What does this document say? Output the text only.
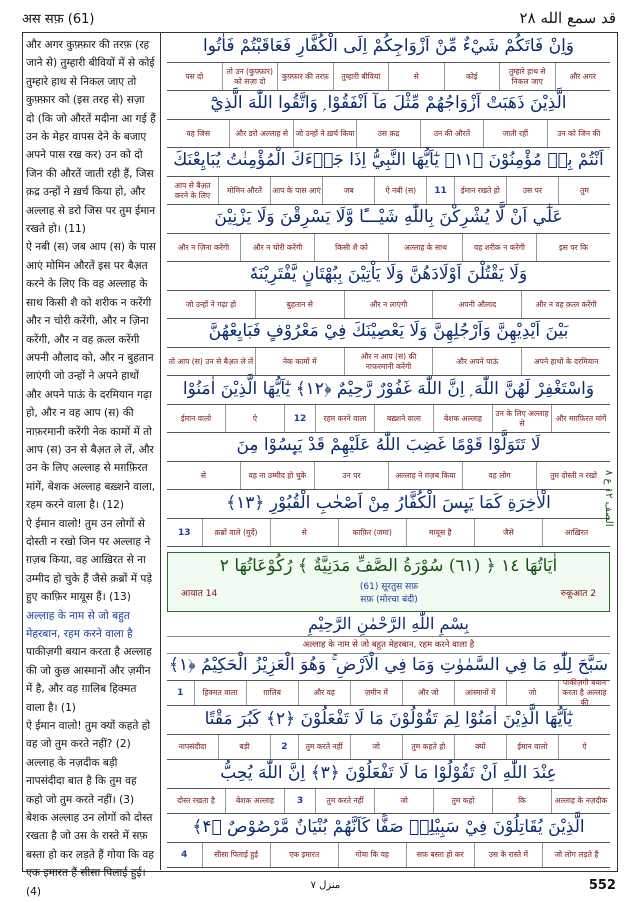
अस सफ़ (61)	قد سمع الله ٢٨

और अगर कुफ़्फ़ार की तरफ़ (रह जाने से) तुम्हारी बीवियों में से कोई तुम्हारे हाथ से निकल जाए तो कुफ़्फ़ार को (इस तरह से) सज़ा दो (कि जो औरतें मदीना आ गई हैं उन के मेहर वापस देने के बजाए अपने पास रख कर) उन को दो जिन की औरतें जाती रही हैं, जिस क़द्र उन्हों ने ख़र्च किया हो, और अल्लाह से डरो जिस पर तुम ईमान रखते हो। (11)

ऐ नबी (स) जब आप (स) के पास आएं मोमिन औरतें इस पर बैअ़त करने के लिए कि वह अल्लाह के साथ किसी शै को शरीक न करेंगी और न चोरी करेंगी, और न ज़िना करेंगी, और न वह क़त्ल करेंगी अपनी औलाद को, और न बुहतान लाएंगी जो उन्हों ने अपने हाथों और अपने पाऊं के दरमियान गढ़ा हो, और न वह आप (स) की नाफ़रमानी करेंगी नेक कामों में तो आप (स) उन से बैअ़त ले लें, और उन के लिए अल्लाह से मग़फ़िरत मांगें, बेशक अल्लाह बख़्शने वाला, रहम करने वाला है। (12)

ऐ ईमान वालो! तुम उन लोगों से दोस्ती न रखो जिन पर अल्लाह ने ग़ज़ब किया, वह आख़िरत से ना उम्मीद हो चुके हैं जैसे क़ब्रों में पड़े हुए काफ़िर मायूस हैं। (13)

अल्लाह के नाम से जो बहुत मेहरबान, रहम करने वाला है

पाकीज़गी बयान करता है अल्लाह की जो कुछ आस्मानों और ज़मीन में है, और वह ग़ालिब हिक्मत वाला है। (1)

ऐ ईमान वालो! तुम क्यों कहते हो वह जो तुम करते नहीं? (2) अल्लाह के नज़दीक बड़ी नापसंदीदा बात है कि तुम वह कहो जो तुम करते नहीं। (3)

बेशक अल्लाह उन लोगों को दोस्त रखता है जो उस के रास्ते में सफ़ बस्ता हो कर लड़ते हैं गोया कि वह एक इमारत हैं सीसा पिलाई हुई। (4)

وَاِنْ فَاتَكُمْ شَيْءٌ مِّنْ اَزْوَاجِكُمْ اِلَى الْكُفَّارِ فَعَاقَبْتُمْ فَاٰتُوا
और अगर
तुम्हारे हाथ से निकल जाए
कोई
से
तुम्हारी बीवियां
कुफ़्फ़ार की तरफ़
तो उन (कुफ़्फ़ार) को सज़ा दो
पस दो
الَّذِيْنَ ذَهَبَتْ اَزْوَاجُهُمْ مِّثْلَ مَآ اَنْفَقُوْا ۭ وَاتَّقُوا اللّٰهَ الَّذِيْٓ
उन को जिन की
जाती रहीं
उन की औरतें
उस क़द्र
जो उन्हों ने ख़र्च किया
और डरो अल्लाह से
वह जिस
اَنْتُمْ بِهٖ مُؤْمِنُوْنَ ﴿۱۱﴾ يٰٓاَيُّهَا النَّبِيُّ اِذَا جَاۗءَكَ الْمُؤْمِنٰتُ يُبَايِعْنَكَ
तुम
उस पर
ईमान रखते हो
11
ऐ नबी (स)
जब
आप के पास आएं
मोमिन औरतें
आप से बैअ़त करने के लिए
عَلٰٓي اَنْ لَّا يُشْرِكْنَ بِاللّٰهِ شَيْـــًٔا وَّلَا يَسْرِقْنَ وَلَا يَزْنِيْنَ
इस पर कि
वह शरीक न करेंगी
अल्लाह के साथ
किसी शै को
और न चोरी करेंगी
और न ज़िना करेंगी
وَلَا يَقْتُلْنَ اَوْلَادَهُنَّ وَلَا يَاْتِيْنَ بِبُهْتَانٍ يَّفْتَرِيْنَهٗ
और न वह क़त्ल करेंगी
अपनी औलाद
और न लाएंगी
बुहतान से
जो उन्हों ने गढ़ा हो
بَيْنَ اَيْدِيْهِنَّ وَاَرْجُلِهِنَّ وَلَا يَعْصِيْنَكَ فِيْ مَعْرُوْفٍ فَبَايِعْهُنَّ
अपने हाथों के दरमियान
और अपने पाऊं
और न आप (स) की नाफ़रमानी करेंगी
नेक कामों में
तो आप (स) उन से बैअ़त ले लें
وَاسْتَغْفِرْ لَهُنَّ اللّٰهَ ۭ اِنَّ اللّٰهَ غَفُوْرٌ رَّحِيْمٌ ﴿۱۲﴾ يٰٓاَيُّهَا الَّذِيْنَ اٰمَنُوْا
और मग़फ़िरत मांगें
उन के लिए अल्लाह से
बेशक अल्लाह
बख़्शने वाला
रहम करने वाला
12
ऐ
ईमान वालो
لَا تَتَوَلَّوْا قَوْمًا غَضِبَ اللّٰهُ عَلَيْهِمْ قَدْ يَىِٕسُوْا مِنَ
तुम दोस्ती न रखो
वह लोग
अल्लाह ने ग़ज़ब किया
उन पर
वह ना उम्मीद हो चुके
से
الْاٰخِرَةِ كَمَا يَىِٕسَ الْكُفَّارُ مِنْ اَصْحٰبِ الْقُبُوْرِ ﴿۱۳﴾
आख़िरत
जैसे
मायूस है
काफ़िर (जमा)
से
क़ब्रों वाले (मुर्दे)
13
اٰيَاتُهَا ١٤ ﴿ (٦١) سُوْرَةُ الصَّفِّ مَدَنِيَّةٌ ﴾ رُكُوْعَاتُهَا ٢
आयात 14
(61) सूरतुस सफ़
सफ़ (मोरचा बंदी)
रुकूआत 2
بِسْمِ اللّٰهِ الرَّحْمٰنِ الرَّحِيْمِ
अल्लाह के नाम से जो बहुत मेहरबान, रहम करने वाला है
سَبَّحَ لِلّٰهِ مَا فِي السَّمٰوٰتِ وَمَا فِي الْاَرْضِ ۚ وَهُوَ الْعَزِيْزُ الْحَكِيْمُ ﴿۱﴾
पाकीज़गी बयान करता है अल्लाह की
जो
आस्मानों में
और जो
ज़मीन में
और वह
ग़ालिब
हिक्मत वाला
1
يٰٓاَيُّهَا الَّذِيْنَ اٰمَنُوْا لِمَ تَقُوْلُوْنَ مَا لَا تَفْعَلُوْنَ ﴿۲﴾ كَبُرَ مَقْتًا
ऐ
ईमान वालो
क्यों
तुम कहते हो
जो
तुम करते नहीं
2
बड़ी
नापसंदीदा
عِنْدَ اللّٰهِ اَنْ تَقُوْلُوْا مَا لَا تَفْعَلُوْنَ ﴿۳﴾ اِنَّ اللّٰهَ يُحِبُّ
अल्लाह के नज़दीक
कि
तुम कहो
जो
तुम करते नहीं
3
बेशक अल्लाह
दोस्त रखता है
الَّذِيْنَ يُقَاتِلُوْنَ فِيْ سَبِيْلِهٖ صَفًّا كَاَنَّهُمْ بُنْيَانٌ مَّرْصُوْصٌ ﴿۴﴾
जो लोग लड़ते हैं
उस के रास्ते में
सफ़ बस्ता हो कर
गोया कि वह
एक इमारत
सीसा पिलाई हुई
4
الصف ١٢ ع ٨
منزل ٧	552
